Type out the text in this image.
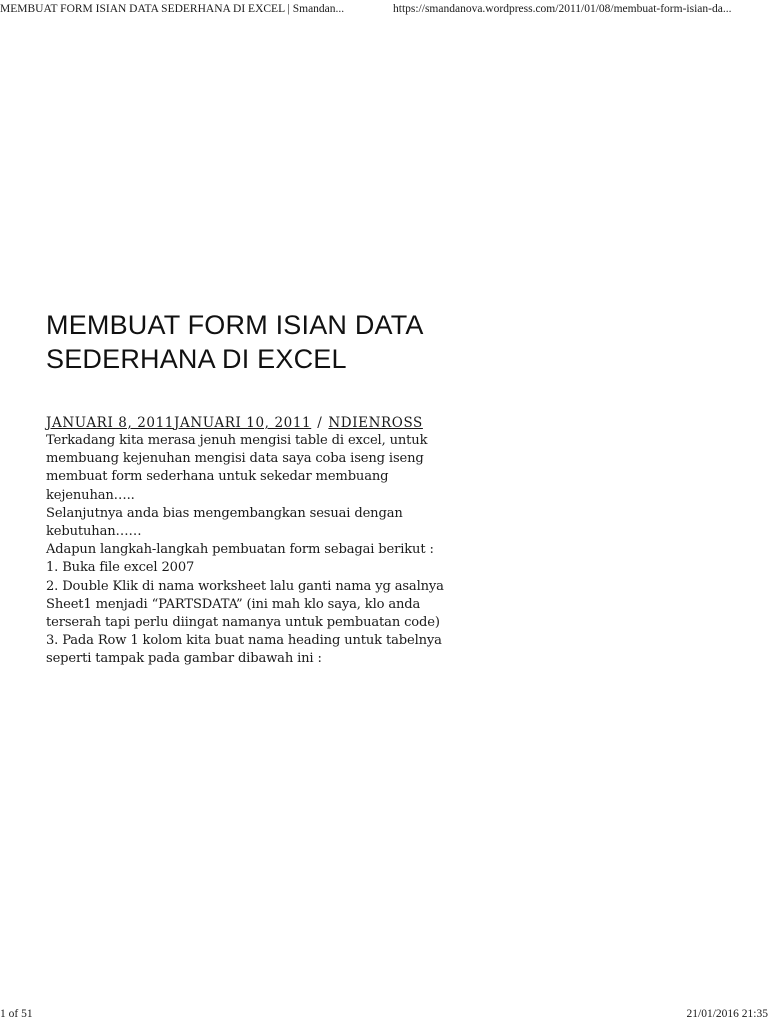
MEMBUAT FORM ISIAN DATA SEDERHANA DI EXCEL | Smandan...	https://smandanova.wordpress.com/2011/01/08/membuat-form-isian-da...
MEMBUAT FORM ISIAN DATA
SEDERHANA DI EXCEL
JANUARI 8, 2011JANUARI 10, 2011 / NDIENROSS

Terkadang kita merasa jenuh mengisi table di excel, untuk membuang kejenuhan mengisi data saya coba iseng iseng membuat form sederhana untuk sekedar membuang kejenuhan…..

Selanjutnya anda bias mengembangkan sesuai dengan kebutuhan……

Adapun langkah-langkah pembuatan form sebagai berikut :

1. Buka file excel 2007

2. Double Klik di nama worksheet lalu ganti nama yg asalnya Sheet1 menjadi “PARTSDATA” (ini mah klo saya, klo anda terserah tapi perlu diingat namanya untuk pembuatan code)

3. Pada Row 1 kolom kita buat nama heading untuk tabelnya seperti tampak pada gambar dibawah ini :

1 of 51	21/01/2016 21:35
